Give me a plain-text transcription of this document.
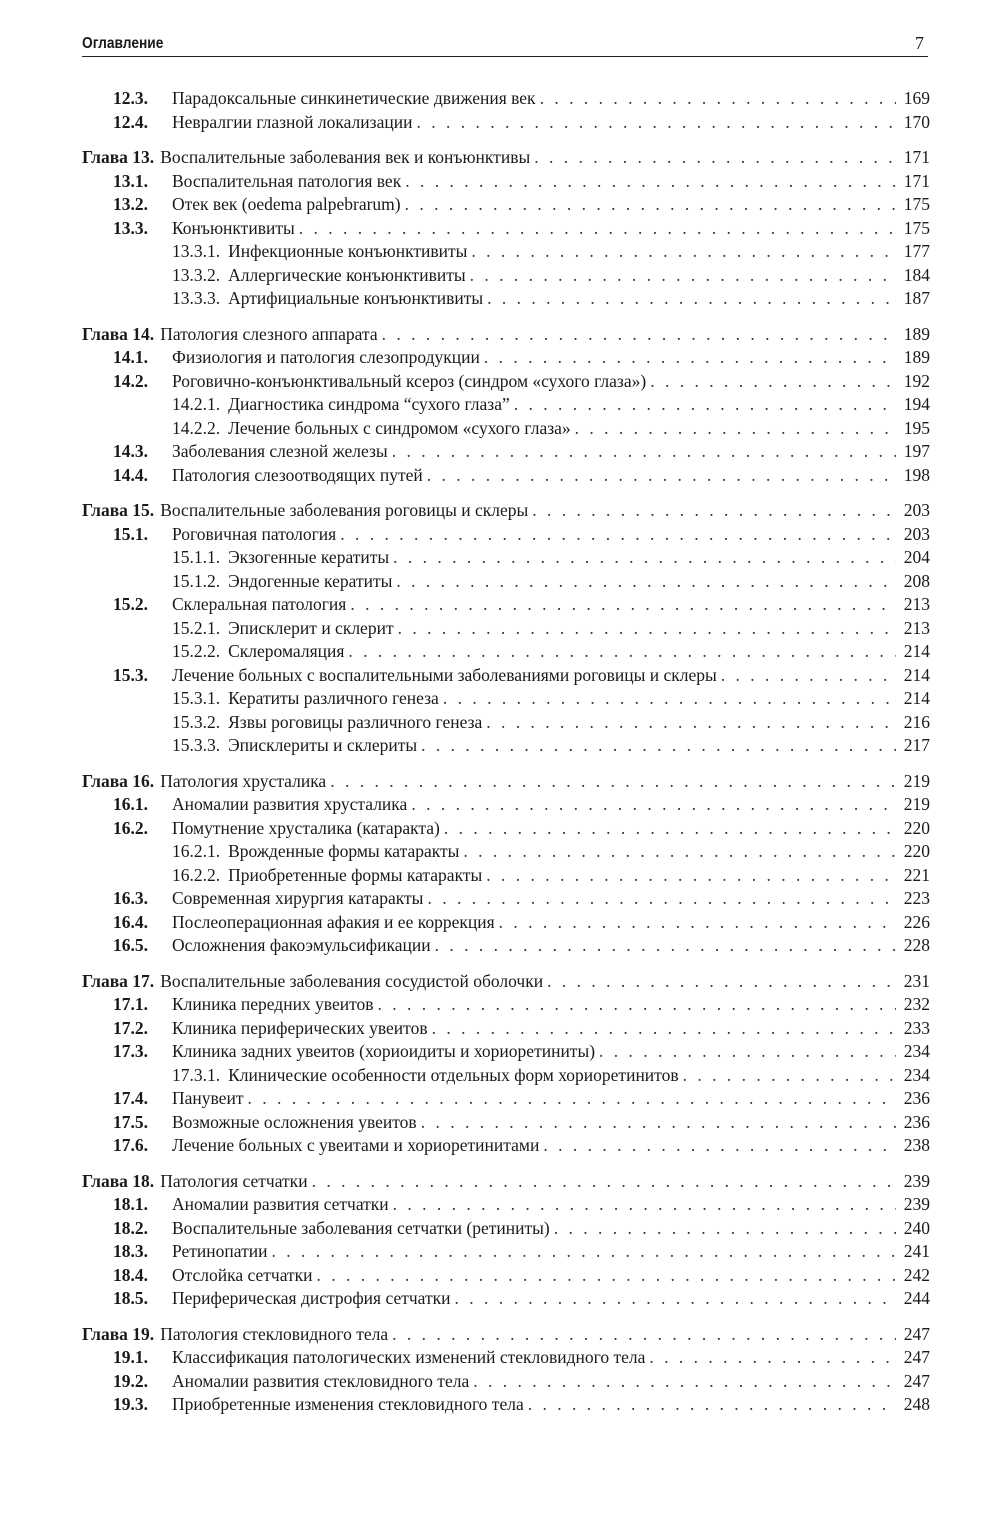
Оглавление	7
12.3. Парадоксальные синкинетические движения век . . .	169
12.4. Невралгии глазной локализации . . .	170
Глава 13. Воспалительные заболевания век и конъюнктивы . . .	171
13.1. Воспалительная патология век . . .	171
13.2. Отек век (oedema palpebrarum) . . .	175
13.3. Конъюнктивиты . . .	175
13.3.1. Инфекционные конъюнктивиты . . .	177
13.3.2. Аллергические конъюнктивиты . . .	184
13.3.3. Артифициальные конъюнктивиты . . .	187
Глава 14. Патология слезного аппарата . . .	189
14.1. Физиология и патология слезопродукции . . .	189
14.2. Роговично-конъюнктивальный ксероз (синдром «сухого глаза») . . .	192
14.2.1. Диагностика синдрома “сухого глаза” . . .	194
14.2.2. Лечение больных с синдромом «сухого глаза» . . .	195
14.3. Заболевания слезной железы . . .	197
14.4. Патология слезоотводящих путей . . .	198
Глава 15. Воспалительные заболевания роговицы и склеры . . .	203
15.1. Роговичная патология . . .	203
15.1.1. Экзогенные кератиты . . .	204
15.1.2. Эндогенные кератиты . . .	208
15.2. Склеральная патология . . .	213
15.2.1. Эписклерит и склерит . . .	213
15.2.2. Склеромаляция . . .	214
15.3. Лечение больных с воспалительными заболеваниями роговицы и склеры . . .	214
15.3.1. Кератиты различного генеза . . .	214
15.3.2. Язвы роговицы различного генеза . . .	216
15.3.3. Эписклериты и склериты . . .	217
Глава 16. Патология хрусталика . . .	219
16.1. Аномалии развития хрусталика . . .	219
16.2. Помутнение хрусталика (катаракта) . . .	220
16.2.1. Врожденные формы катаракты . . .	220
16.2.2. Приобретенные формы катаракты . . .	221
16.3. Современная хирургия катаракты . . .	223
16.4. Послеоперационная афакия и ее коррекция . . .	226
16.5. Осложнения факоэмульсификации . . .	228
Глава 17. Воспалительные заболевания сосудистой оболочки . . .	231
17.1. Клиника передних увеитов . . .	232
17.2. Клиника периферических увеитов . . .	233
17.3. Клиника задних увеитов (хориоидиты и хориоретиниты) . . .	234
17.3.1. Клинические особенности отдельных форм хориоретинитов . . .	234
17.4. Панувеит . . .	236
17.5. Возможные осложнения увеитов . . .	236
17.6. Лечение больных с увеитами и хориоретинитами . . .	238
Глава 18. Патология сетчатки . . .	239
18.1. Аномалии развития сетчатки . . .	239
18.2. Воспалительные заболевания сетчатки (ретиниты) . . .	240
18.3. Ретинопатии . . .	241
18.4. Отслойка сетчатки . . .	242
18.5. Периферическая дистрофия сетчатки . . .	244
Глава 19. Патология стекловидного тела . . .	247
19.1. Классификация патологических изменений стекловидного тела . . .	247
19.2. Аномалии развития стекловидного тела . . .	247
19.3. Приобретенные изменения стекловидного тела . . .	248
